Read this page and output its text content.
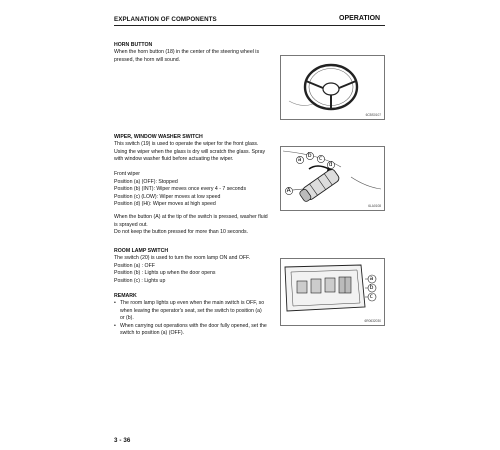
EXPLANATION OF COMPONENTS	OPERATION
HORN BUTTON
When the horn button (18) in the center of the steering wheel is
pressed, the horn will sound.
6CBS0107
WIPER, WINDOW WASHER SWITCH
This switch (19) is used to operate the wiper for the front glass.
Using the wiper when the glass is dry will scratch the glass. Spray
with window washer fluid before actuating the wiper.
Front wiper
Position (a) (OFF): Stopped
Position (b) (INT): Wiper moves once every 4 - 7 seconds
Position (c) (LOW): Wiper moves at low speed
Position (d) (Hi): Wiper moves at high speed
a
b c
d
A
6LA0108
When the button (A) at the tip of the switch is pressed, washer fluid
is sprayed out.
Do not keep the button pressed for more than 10 seconds.
ROOM LAMP SWITCH
The switch (20) is used to turn the room lamp ON and OFF.
Position (a) : OFF
Position (b) : Lights up when the door opens
Position (c) : Lights up	a
b
c
6R0632030
REMARK
• The room lamp lights up even when the main switch is OFF, so
when leaving the operator's seat, set the switch to position (a)
or (b).
• When carrying out operations with the door fully opened, set the
switch to position (a) (OFF).
3 - 36
